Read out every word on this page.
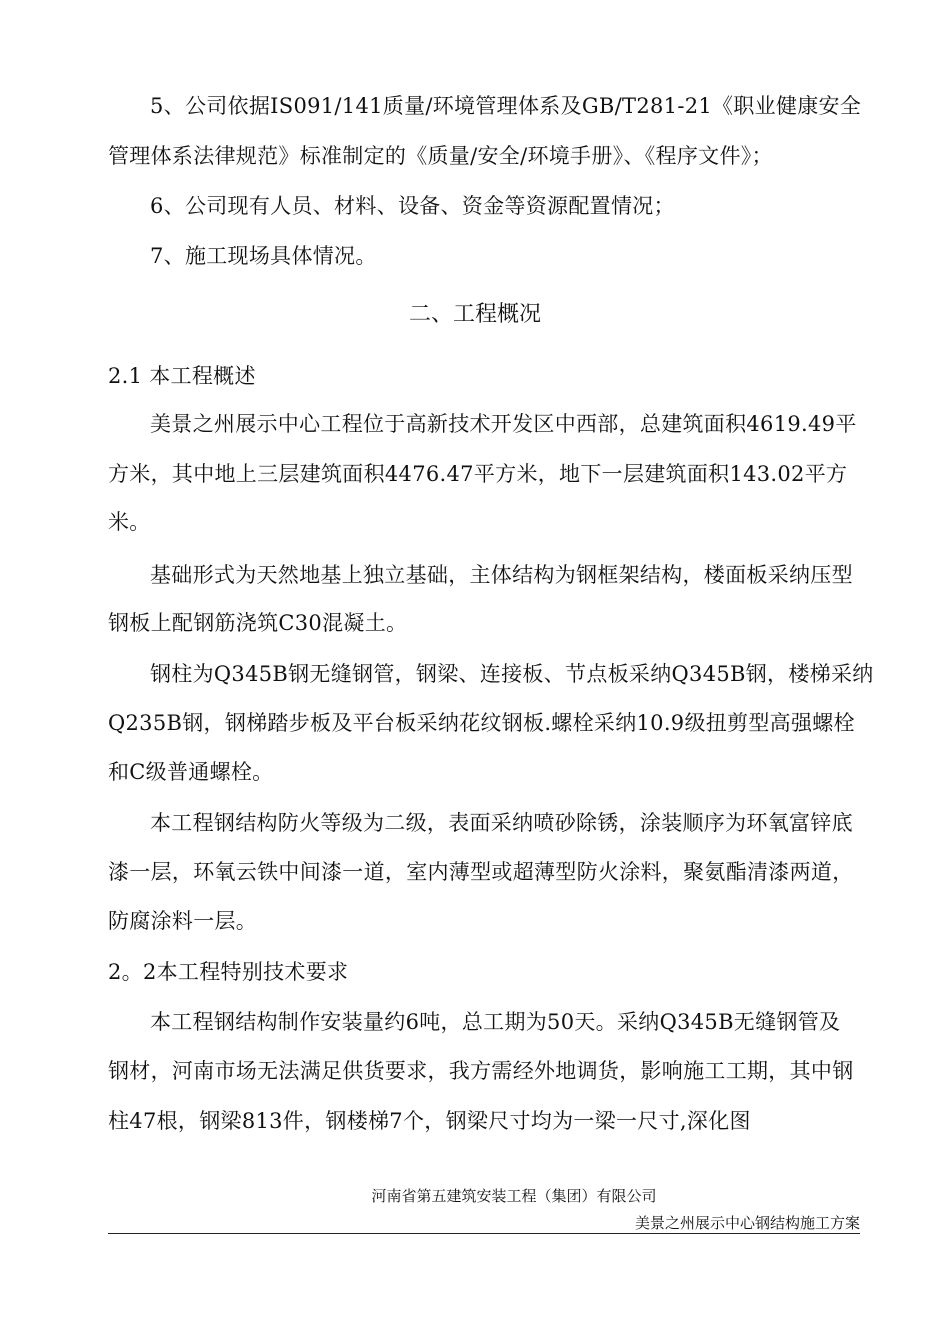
5、公司依据IS091/141质量/环境管理体系及GB/T281-21《职业健康安全
管理体系法律规范》标准制定的《质量/安全/环境手册》、《程序文件》；
6、公司现有人员、材料、设备、资金等资源配置情况；
7、施工现场具体情况。
二、工程概况
2.1 本工程概述
美景之州展示中心工程位于高新技术开发区中西部，总建筑面积4619.49平
方米，其中地上三层建筑面积4476.47平方米，地下一层建筑面积143.02平方
米。
基础形式为天然地基上独立基础，主体结构为钢框架结构，楼面板采纳压型
钢板上配钢筋浇筑C30混凝土。
钢柱为Q345B钢无缝钢管，钢梁、连接板、节点板采纳Q345B钢，楼梯采纳
Q235B钢，钢梯踏步板及平台板采纳花纹钢板.螺栓采纳10.9级扭剪型高强螺栓
和C级普通螺栓。
本工程钢结构防火等级为二级，表面采纳喷砂除锈，涂装顺序为环氧富锌底
漆一层，环氧云铁中间漆一道，室内薄型或超薄型防火涂料，聚氨酯清漆两道，
防腐涂料一层。
2。2本工程特别技术要求
本工程钢结构制作安装量约6吨，总工期为50天。采纳Q345B无缝钢管及
钢材，河南市场无法满足供货要求，我方需经外地调货，影响施工工期，其中钢
柱47根，钢梁813件，钢楼梯7个，钢梁尺寸均为一梁一尺寸,深化图
河南省第五建筑安装工程（集团）有限公司
美景之州展示中心钢结构施工方案
